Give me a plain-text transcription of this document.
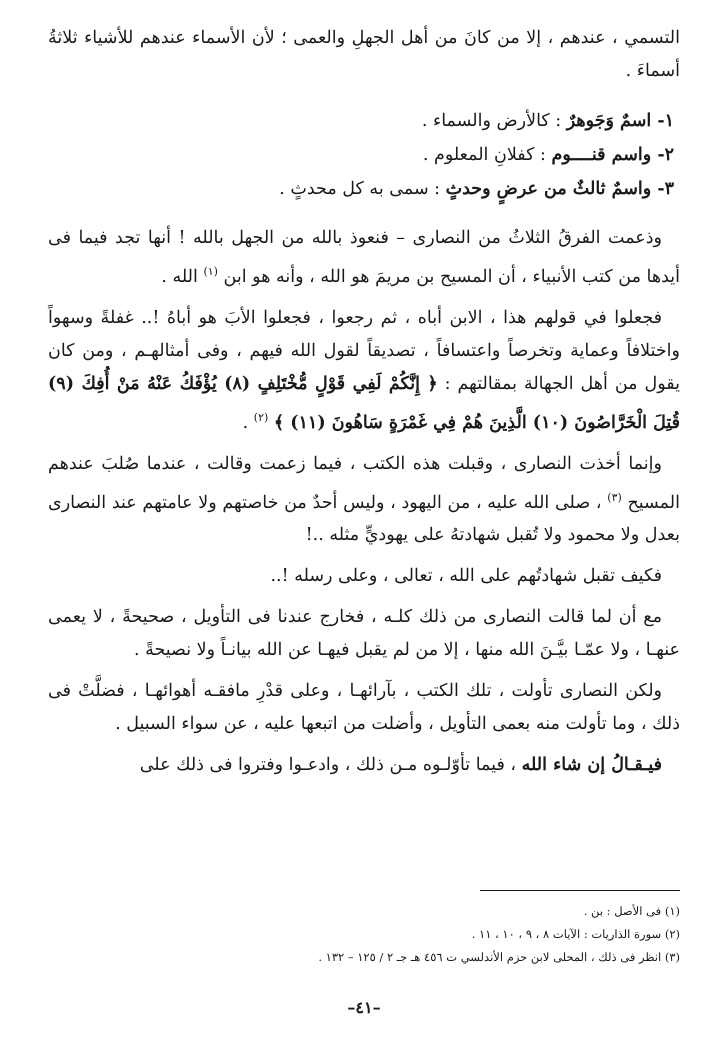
التسمي ، عندهم ، إلا من كانَ من أهل الجهلِ والعمى ؛ لأن الأسماء عندهم للأشياء ثلاثةُ أسماءَ .

١- اسمٌ وَجَوهرٌ : كالأرض والسماء .
٢- واسم قنــــوم : كفلانِ المعلوم .
٣- واسمٌ ثالثٌ من عرضٍ وحدثٍ : سمى به كل محدثٍ .

وذعمت الفرقُ الثلاثُ من النصارى – فنعوذ بالله من الجهل بالله ! أنها تجد فيما فى أيدها من كتب الأنبياء ، أن المسيح بن مريمَ هو الله ، وأنه هو ابن $^{(١)}$ الله .

فجعلوا في قولهم هذا ، الابن أباه ، ثم رجعوا ، فجعلوا الأبَ هو أباهُ !.. غفلةً وسهواً واختلافاً وعماية وتخرصاً واعتسافاً ، تصديقاً لقول الله فيهم ، وفى أمثالهـم ، ومن كان يقول من أهل الجهالة بمقالتهم : ﴿ إِنَّكُمْ لَفِي قَوْلٍ مُّخْتَلِفٍ (٨) يُؤْفَكُ عَنْهُ مَنْ أُفِكَ (٩) قُتِلَ الْخَرَّاصُونَ (١٠) الَّذِينَ هُمْ فِي غَمْرَةٍ سَاهُونَ (١١) ﴾ $^{(٢)}$ .

وإنما أخذت النصارى ، وقبلت هذه الكتب ، فيما زعمت وقالت ، عندما صُلبَ عندهم المسيح $^{(٣)}$ ، صلى الله عليه ، من اليهود ، وليس أحدٌ من خاصتهم ولا عامتهم عند النصارى بعدل ولا محمود ولا تُقبل شهادتهُ على يهوديٍّ مثله ..!

فكيف تقبل شهادتُهم على الله ، تعالى ، وعلى رسله !..

مع أن لما قالت النصارى من ذلك كلـه ، فخارج عندنا فى التأويل ، صحيحةً ، لا يعمى عنهـا ، ولا عمّـا بيَّـنَ الله منها ، إلا من لم يقبل فيهـا عن الله بيانـاً ولا نصيحةً .

ولكن النصارى تأولت ، تلك الكتب ، بآرائهـا ، وعلى قدْرِ مافقـه أهوائهـا ، فضلَّتْ فى ذلك ، وما تأولت منه بعمى التأويل ، وأضلت من اتبعها عليه ، عن سواء السبيل .

فيـقـالُ إن شاء الله ، فيما تأوّلـوه مـن ذلك ، وادعـوا وفتروا فى ذلك على

(١) فى الأصل : بن .
(٢) سورة الذاريات : الآيات ٨ ، ٩ ، ١٠ ، ١١ .
(٣) انظر فى ذلك ، المحلى لابن حزم الأندلسي ت ٤٥٦ هـ جـ ٢ / ١٢٥ – ١٣٢ .
–٤١–
